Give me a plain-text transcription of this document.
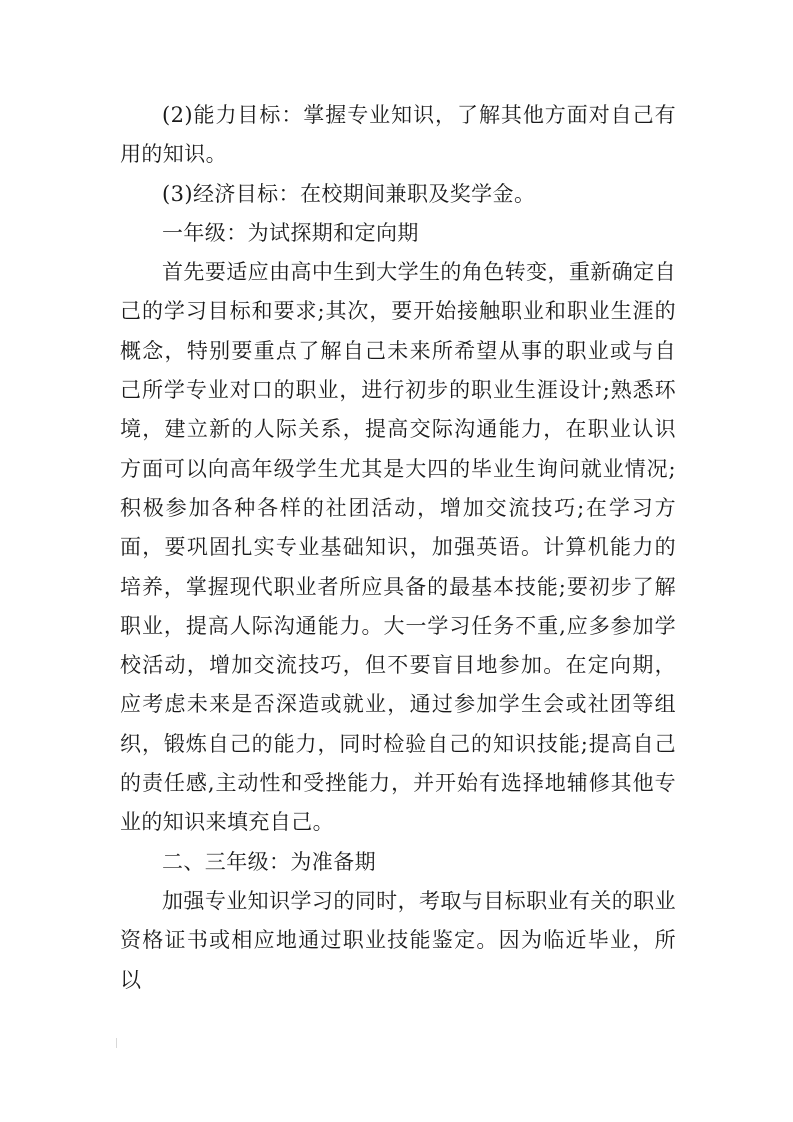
(2)能力目标：掌握专业知识，了解其他方面对自己有用的知识。

(3)经济目标：在校期间兼职及奖学金。

一年级：为试探期和定向期

首先要适应由高中生到大学生的角色转变，重新确定自己的学习目标和要求;其次，要开始接触职业和职业生涯的概念，特别要重点了解自己未来所希望从事的职业或与自己所学专业对口的职业，进行初步的职业生涯设计;熟悉环境，建立新的人际关系，提高交际沟通能力，在职业认识方面可以向高年级学生尤其是大四的毕业生询问就业情况;积极参加各种各样的社团活动，增加交流技巧;在学习方面，要巩固扎实专业基础知识，加强英语。计算机能力的培养，掌握现代职业者所应具备的最基本技能;要初步了解职业，提高人际沟通能力。大一学习任务不重,应多参加学校活动，增加交流技巧，但不要盲目地参加。在定向期，应考虑未来是否深造或就业，通过参加学生会或社团等组织，锻炼自己的能力，同时检验自己的知识技能;提高自己的责任感,主动性和受挫能力，并开始有选择地辅修其他专业的知识来填充自己。

二、三年级：为准备期

加强专业知识学习的同时，考取与目标职业有关的职业资格证书或相应地通过职业技能鉴定。因为临近毕业，所以
